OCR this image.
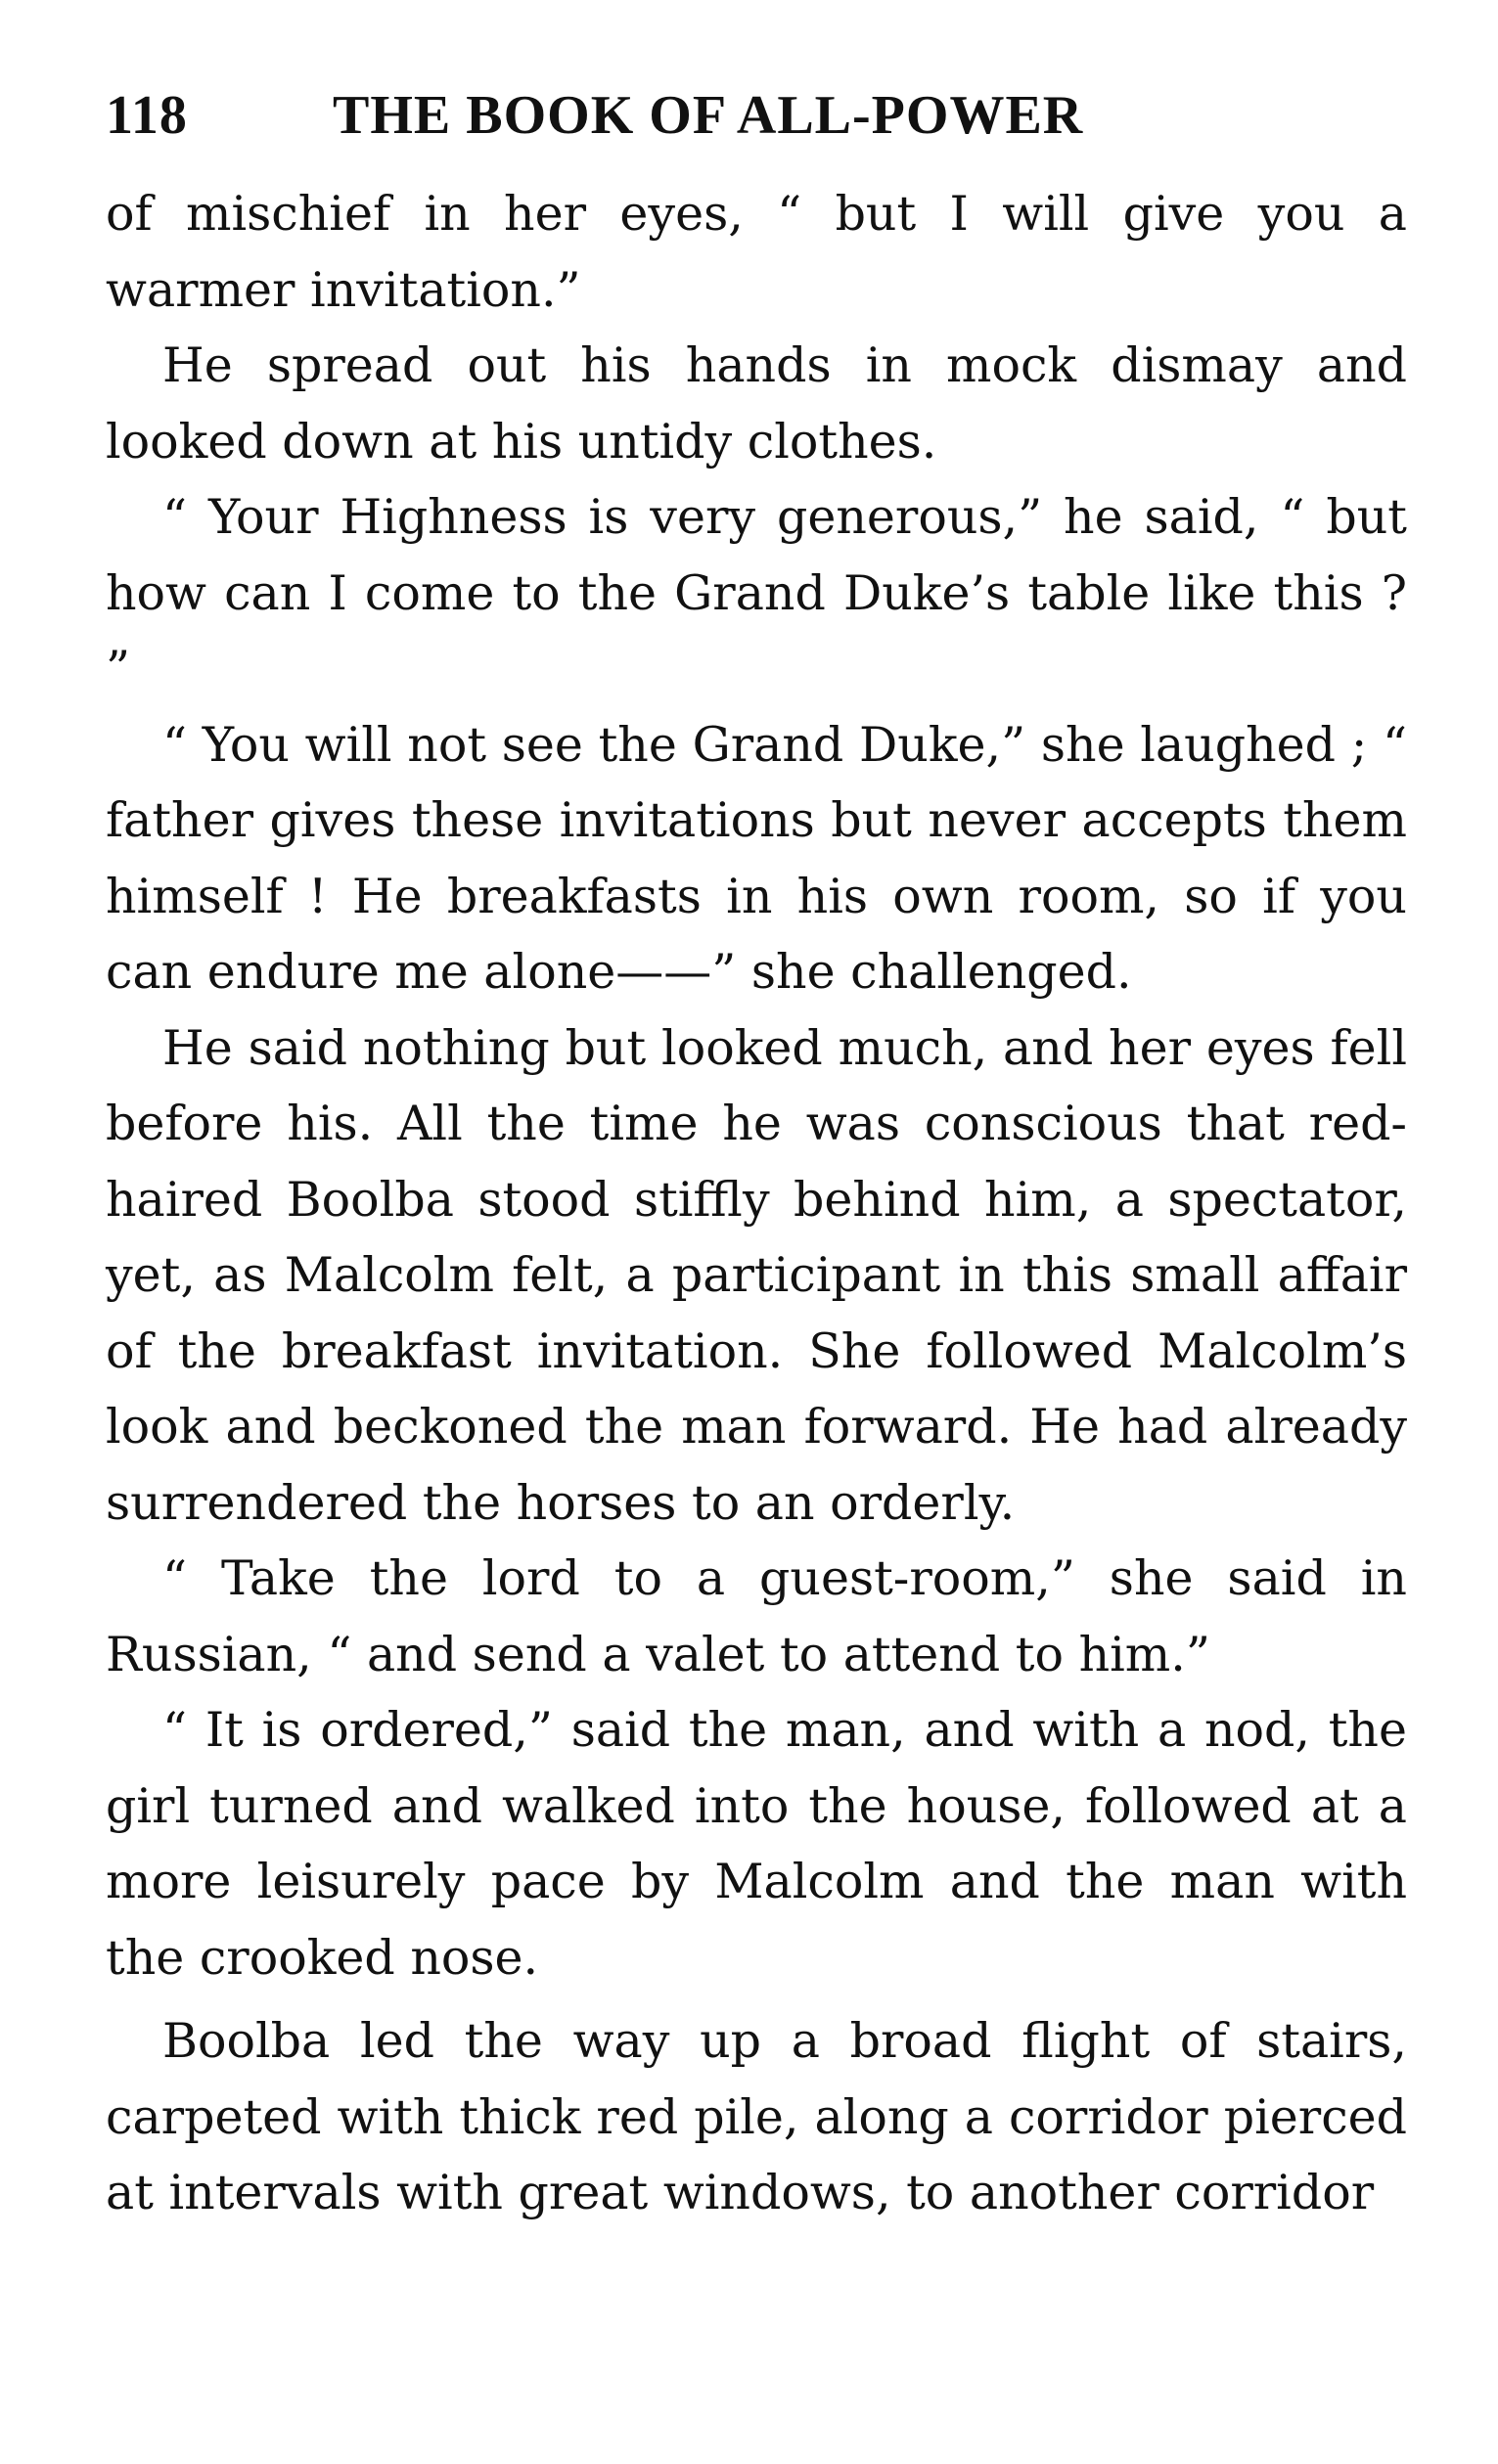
118	THE BOOK OF ALL-POWER

of mischief in her eyes, “ but I will give you a warmer invitation.”

He spread out his hands in mock dismay and looked down at his untidy clothes.

“ Your Highness is very generous,” he said, “ but how can I come to the Grand Duke’s table like this ? ”

“ You will not see the Grand Duke,” she laughed ; “ father gives these invitations but never accepts them himself ! He breakfasts in his own room, so if you can endure me alone——” she challenged.

He said nothing but looked much, and her eyes fell before his. All the time he was conscious that red-haired Boolba stood stiffly behind him, a spectator, yet, as Malcolm felt, a participant in this small affair of the breakfast invitation. She followed Malcolm’s look and beckoned the man forward. He had already surrendered the horses to an orderly.

“ Take the lord to a guest-room,” she said in Russian, “ and send a valet to attend to him.”

“ It is ordered,” said the man, and with a nod, the girl turned and walked into the house, followed at a more leisurely pace by Malcolm and the man with the crooked nose.

Boolba led the way up a broad flight of stairs, carpeted with thick red pile, along a corridor pierced at intervals with great windows, to another corridor
